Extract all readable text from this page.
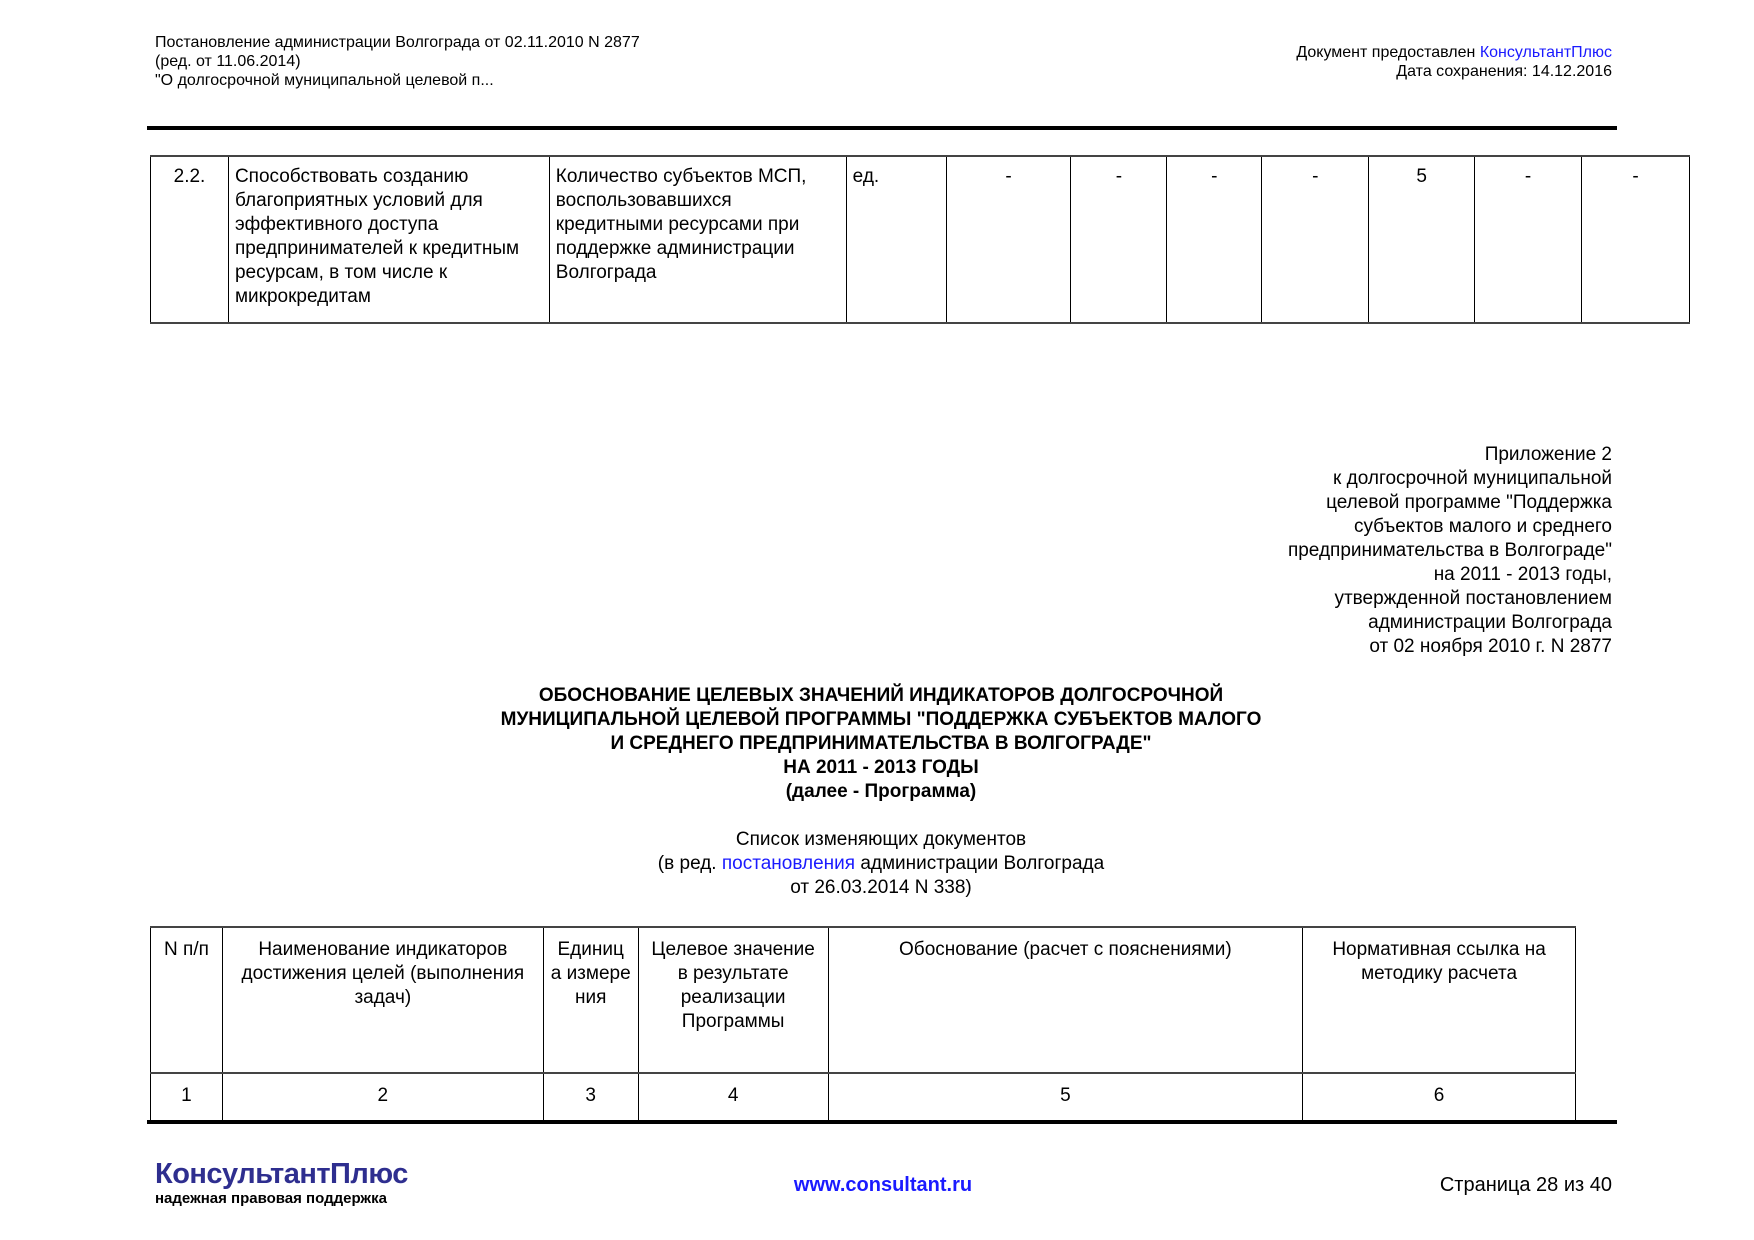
Постановление администрации Волгограда от 02.11.2010 N 2877
(ред. от 11.06.2014)
"О долгосрочной муниципальной целевой п...
Документ предоставлен КонсультантПлюс
Дата сохранения: 14.12.2016
2.2.	Способствовать созданию благоприятных условий для эффективного доступа предпринимателей к кредитным ресурсам, в том числе к микрокредитам	Количество субъектов МСП, воспользовавшихся кредитными ресурсами при поддержке администрации Волгограда	ед.	-	-	-	-	5	-	-
Приложение 2
к долгосрочной муниципальной
целевой программе "Поддержка
субъектов малого и среднего
предпринимательства в Волгограде"
на 2011 - 2013 годы,
утвержденной постановлением
администрации Волгограда
от 02 ноября 2010 г. N 2877
ОБОСНОВАНИЕ ЦЕЛЕВЫХ ЗНАЧЕНИЙ ИНДИКАТОРОВ ДОЛГОСРОЧНОЙ
МУНИЦИПАЛЬНОЙ ЦЕЛЕВОЙ ПРОГРАММЫ "ПОДДЕРЖКА СУБЪЕКТОВ МАЛОГО
И СРЕДНЕГО ПРЕДПРИНИМАТЕЛЬСТВА В ВОЛГОГРАДЕ"
НА 2011 - 2013 ГОДЫ
(далее - Программа)
Список изменяющих документов
(в ред. постановления администрации Волгограда
от 26.03.2014 N 338)
N п/п	Наименование индикаторов достижения целей (выполнения задач)	Единиц а измере ния	Целевое значение в результате реализации Программы	Обоснование (расчет с пояснениями)	Нормативная ссылка на методику расчета
1	2	3	4	5	6
КонсультантПлюс
надежная правовая поддержка
www.consultant.ru	Страница 28 из 40
